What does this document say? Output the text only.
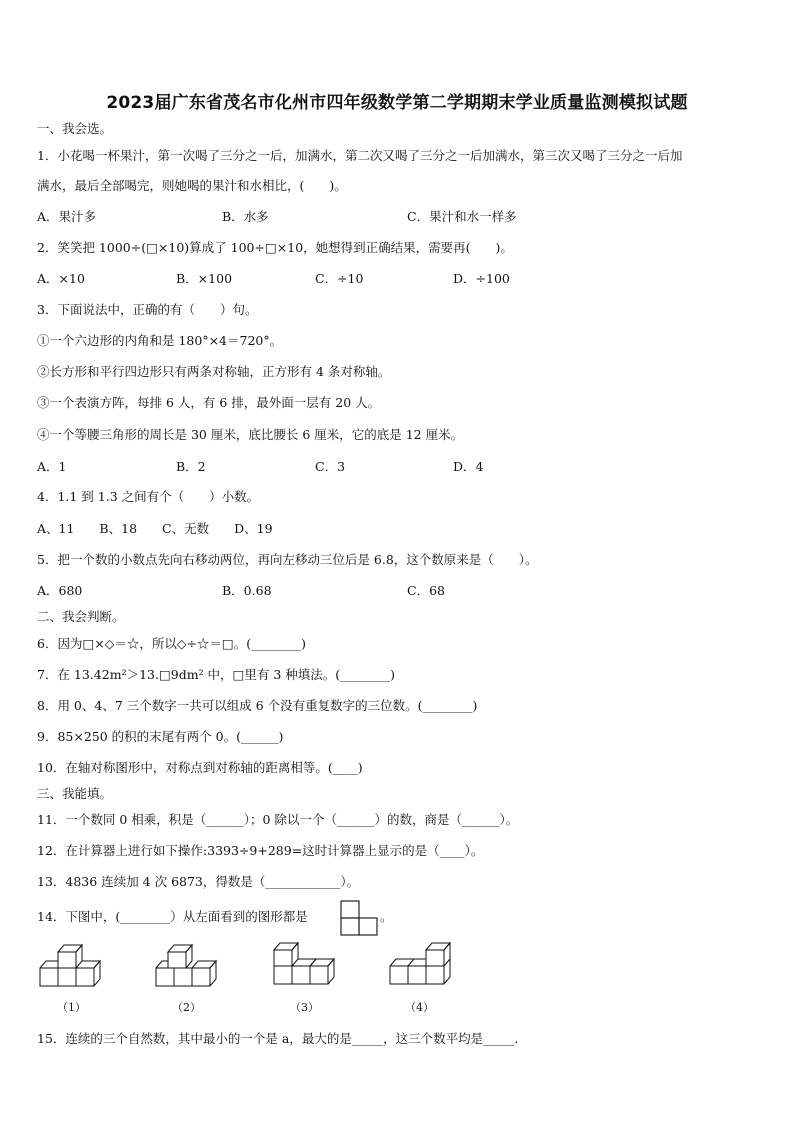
2023届广东省茂名市化州市四年级数学第二学期期末学业质量监测模拟试题
一、我会选。
1．小花喝一杯果汁，第一次喝了三分之一后，加满水，第二次又喝了三分之一后加满水，第三次又喝了三分之一后加
满水，最后全部喝完，则她喝的果汁和水相比，(　　)。
A．果汁多	B．水多	C．果汁和水一样多
2．笑笑把 1000÷(□×10)算成了 100÷□×10，她想得到正确结果，需要再(　　)。
A．×10	B．×100	C．÷10	D．÷100
3．下面说法中，正确的有（　　）句。
①一个六边形的内角和是 180°×4＝720°。
②长方形和平行四边形只有两条对称轴，正方形有 4 条对称轴。
③一个表演方阵，每排 6 人，有 6 排，最外面一层有 20 人。
④一个等腰三角形的周长是 30 厘米，底比腰长 6 厘米，它的底是 12 厘米。
A．1	B．2	C．3	D．4
4．1.1 到 1.3 之间有个（　　）小数。
A、11　　B、18　　C、无数　　D、19
5．把一个数的小数点先向右移动两位，再向左移动三位后是 6.8，这个数原来是（　　）。
A．680	B．0.68	C．68
二、我会判断。
6．因为□×◇＝☆，所以◇÷☆＝□。(________)
7．在 13.42m²＞13.□9dm² 中，□里有 3 种填法。(________)
8．用 0、4、7 三个数字一共可以组成 6 个没有重复数字的三位数。(________)
9．85×250 的积的末尾有两个 0。(______)
10．在轴对称图形中，对称点到对称轴的距离相等。(____)
三、我能填。
11．一个数同 0 相乘，积是（______）；0 除以一个（______）的数，商是（______）。
12．在计算器上进行如下操作:3393÷9+289=这时计算器上显示的是（____）。
13．4836 连续加 4 次 6873，得数是（____________）。
14．下图中，(________）从左面看到的图形都是	。
（1）	（2）	（3）	（4）
15．连续的三个自然数，其中最小的一个是 a，最大的是_____，这三个数平均是_____.
